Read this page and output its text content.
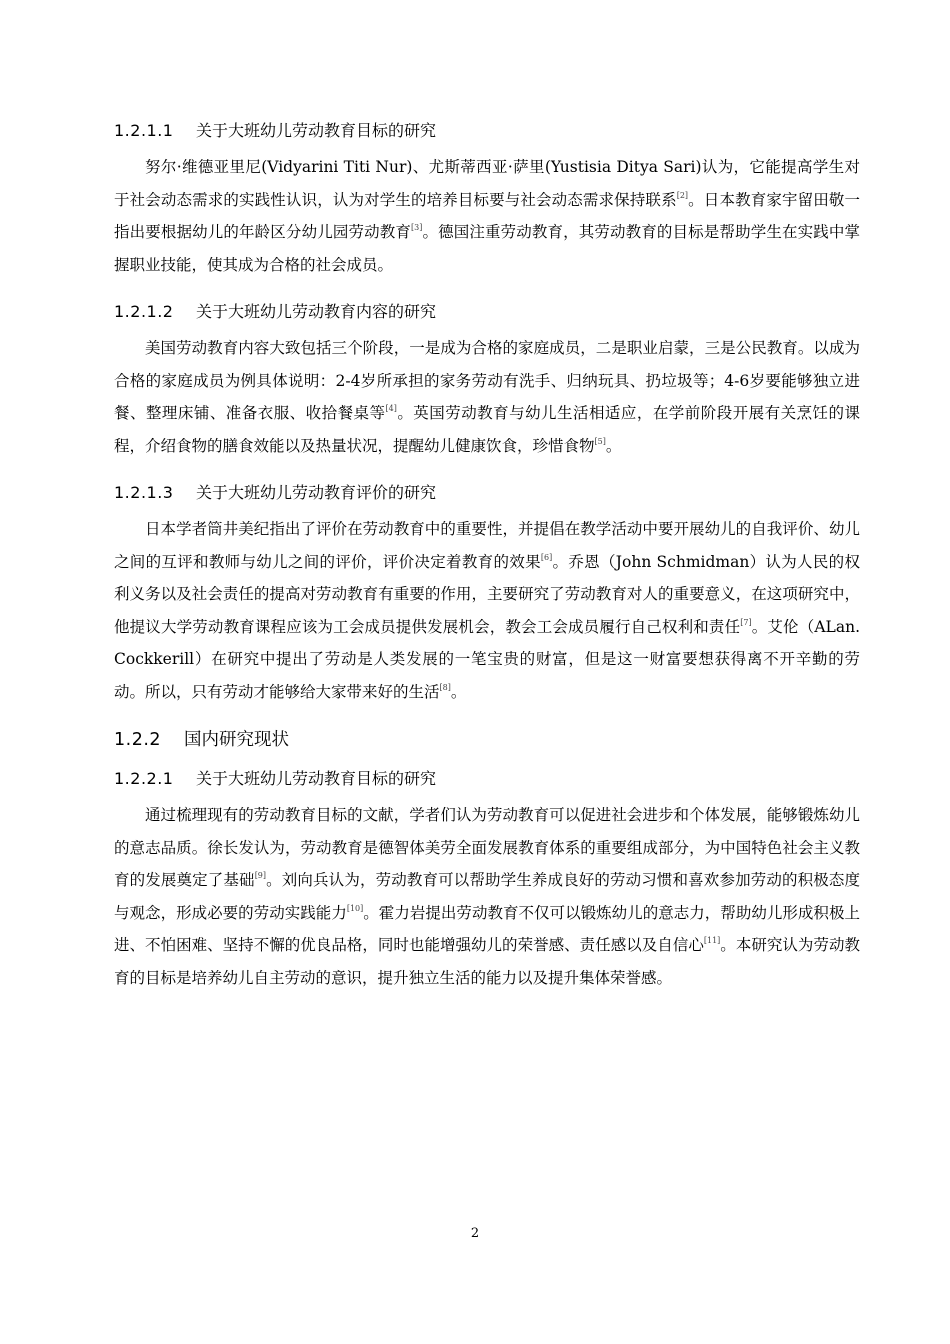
1.2.1.1 关于大班幼儿劳动教育目标的研究

努尔·维德亚里尼(Vidyarini Titi Nur)、尤斯蒂西亚·萨里(Yustisia Ditya Sari)认为，它能提高学生对于社会动态需求的实践性认识，认为对学生的培养目标要与社会动态需求保持联系[2]。日本教育家宇留田敬一指出要根据幼儿的年龄区分幼儿园劳动教育[3]。德国注重劳动教育，其劳动教育的目标是帮助学生在实践中掌握职业技能，使其成为合格的社会成员。

1.2.1.2 关于大班幼儿劳动教育内容的研究

美国劳动教育内容大致包括三个阶段，一是成为合格的家庭成员，二是职业启蒙，三是公民教育。以成为合格的家庭成员为例具体说明：2-4岁所承担的家务劳动有洗手、归纳玩具、扔垃圾等；4-6岁要能够独立进餐、整理床铺、准备衣服、收拾餐桌等[4]。英国劳动教育与幼儿生活相适应，在学前阶段开展有关烹饪的课程，介绍食物的膳食效能以及热量状况，提醒幼儿健康饮食，珍惜食物[5]。

1.2.1.3 关于大班幼儿劳动教育评价的研究

日本学者筒井美纪指出了评价在劳动教育中的重要性，并提倡在教学活动中要开展幼儿的自我评价、幼儿之间的互评和教师与幼儿之间的评价，评价决定着教育的效果[6]。乔恩（John Schmidman）认为人民的权利义务以及社会责任的提高对劳动教育有重要的作用，主要研究了劳动教育对人的重要意义，在这项研究中，他提议大学劳动教育课程应该为工会成员提供发展机会，教会工会成员履行自己权利和责任[7]。艾伦（ALan. Cockkerill）在研究中提出了劳动是人类发展的一笔宝贵的财富，但是这一财富要想获得离不开辛勤的劳动。所以，只有劳动才能够给大家带来好的生活[8]。

1.2.2 国内研究现状
1.2.2.1 关于大班幼儿劳动教育目标的研究

通过梳理现有的劳动教育目标的文献，学者们认为劳动教育可以促进社会进步和个体发展，能够锻炼幼儿的意志品质。徐长发认为，劳动教育是德智体美劳全面发展教育体系的重要组成部分，为中国特色社会主义教育的发展奠定了基础[9]。刘向兵认为，劳动教育可以帮助学生养成良好的劳动习惯和喜欢参加劳动的积极态度与观念，形成必要的劳动实践能力[10]。霍力岩提出劳动教育不仅可以锻炼幼儿的意志力，帮助幼儿形成积极上进、不怕困难、坚持不懈的优良品格，同时也能增强幼儿的荣誉感、责任感以及自信心[11]。本研究认为劳动教育的目标是培养幼儿自主劳动的意识，提升独立生活的能力以及提升集体荣誉感。

2
